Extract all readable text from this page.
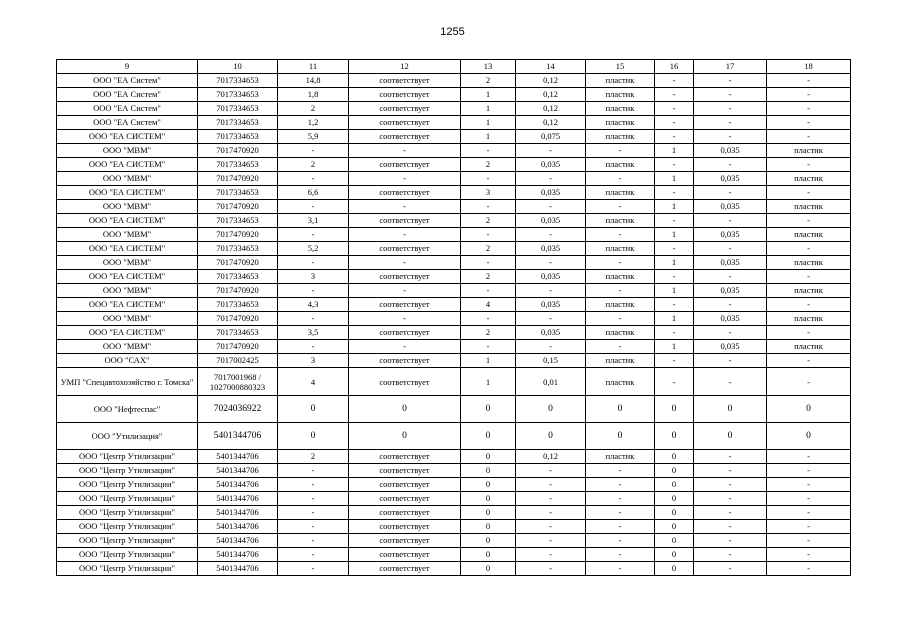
1255
9	10	11	12	13	14	15	16	17	18
ООО "ЕА Систем"	7017334653	14,8	соответствует	2	0,12	пластик	-	-	-
ООО "ЕА Систем"	7017334653	1,8	соответствует	1	0,12	пластик	-	-	-
ООО "ЕА Систем"	7017334653	2	соответствует	1	0,12	пластик	-	-	-
ООО "ЕА Систем"	7017334653	1,2	соответствует	1	0,12	пластик	-	-	-
ООО "ЕА СИСТЕМ"	7017334653	5,9	соответствует	1	0,075	пластик	-	-	-
ООО "МВМ"	7017470920	-	-	-	-	-	1	0,035	пластик
ООО "ЕА СИСТЕМ"	7017334653	2	соответствует	2	0,035	пластик	-	-	-
ООО "МВМ"	7017470920	-	-	-	-	-	1	0,035	пластик
ООО "ЕА СИСТЕМ"	7017334653	6,6	соответствует	3	0,035	пластик	-	-	-
ООО "МВМ"	7017470920	-	-	-	-	-	1	0,035	пластик
ООО "ЕА СИСТЕМ"	7017334653	3,1	соответствует	2	0,035	пластик	-	-	-
ООО "МВМ"	7017470920	-	-	-	-	-	1	0,035	пластик
ООО "ЕА СИСТЕМ"	7017334653	5,2	соответствует	2	0,035	пластик	-	-	-
ООО "МВМ"	7017470920	-	-	-	-	-	1	0,035	пластик
ООО "ЕА СИСТЕМ"	7017334653	3	соответствует	2	0,035	пластик	-	-	-
ООО "МВМ"	7017470920	-	-	-	-	-	1	0,035	пластик
ООО "ЕА СИСТЕМ"	7017334653	4,3	соответствует	4	0,035	пластик	-	-	-
ООО "МВМ"	7017470920	-	-	-	-	-	1	0,035	пластик
ООО "ЕА СИСТЕМ"	7017334653	3,5	соответствует	2	0,035	пластик	-	-	-
ООО "МВМ"	7017470920	-	-	-	-	-	1	0,035	пластик
ООО "САХ"	7017002425	3	соответствует	1	0,15	пластик	-	-	-
УМП "Спецавтохозяйство г. Томска"	7017001968 / 1027000880323	4	соответствует	1	0,01	пластик	-	-	-
ООО "Нефтеспас"	7024036922	0	0	0	0	0	0	0	0
ООО "Утилизация"	5401344706	0	0	0	0	0	0	0	0
ООО "Центр Утилизации"	5401344706	2	соответствует	0	0,12	пластик	0	-	-
ООО "Центр Утилизации"	5401344706	-	соответствует	0	-	-	0	-	-
ООО "Центр Утилизации"	5401344706	-	соответствует	0	-	-	0	-	-
ООО "Центр Утилизации"	5401344706	-	соответствует	0	-	-	0	-	-
ООО "Центр Утилизации"	5401344706	-	соответствует	0	-	-	0	-	-
ООО "Центр Утилизации"	5401344706	-	соответствует	0	-	-	0	-	-
ООО "Центр Утилизации"	5401344706	-	соответствует	0	-	-	0	-	-
ООО "Центр Утилизации"	5401344706	-	соответствует	0	-	-	0	-	-
ООО "Центр Утилизации"	5401344706	-	соответствует	0	-	-	0	-	-
